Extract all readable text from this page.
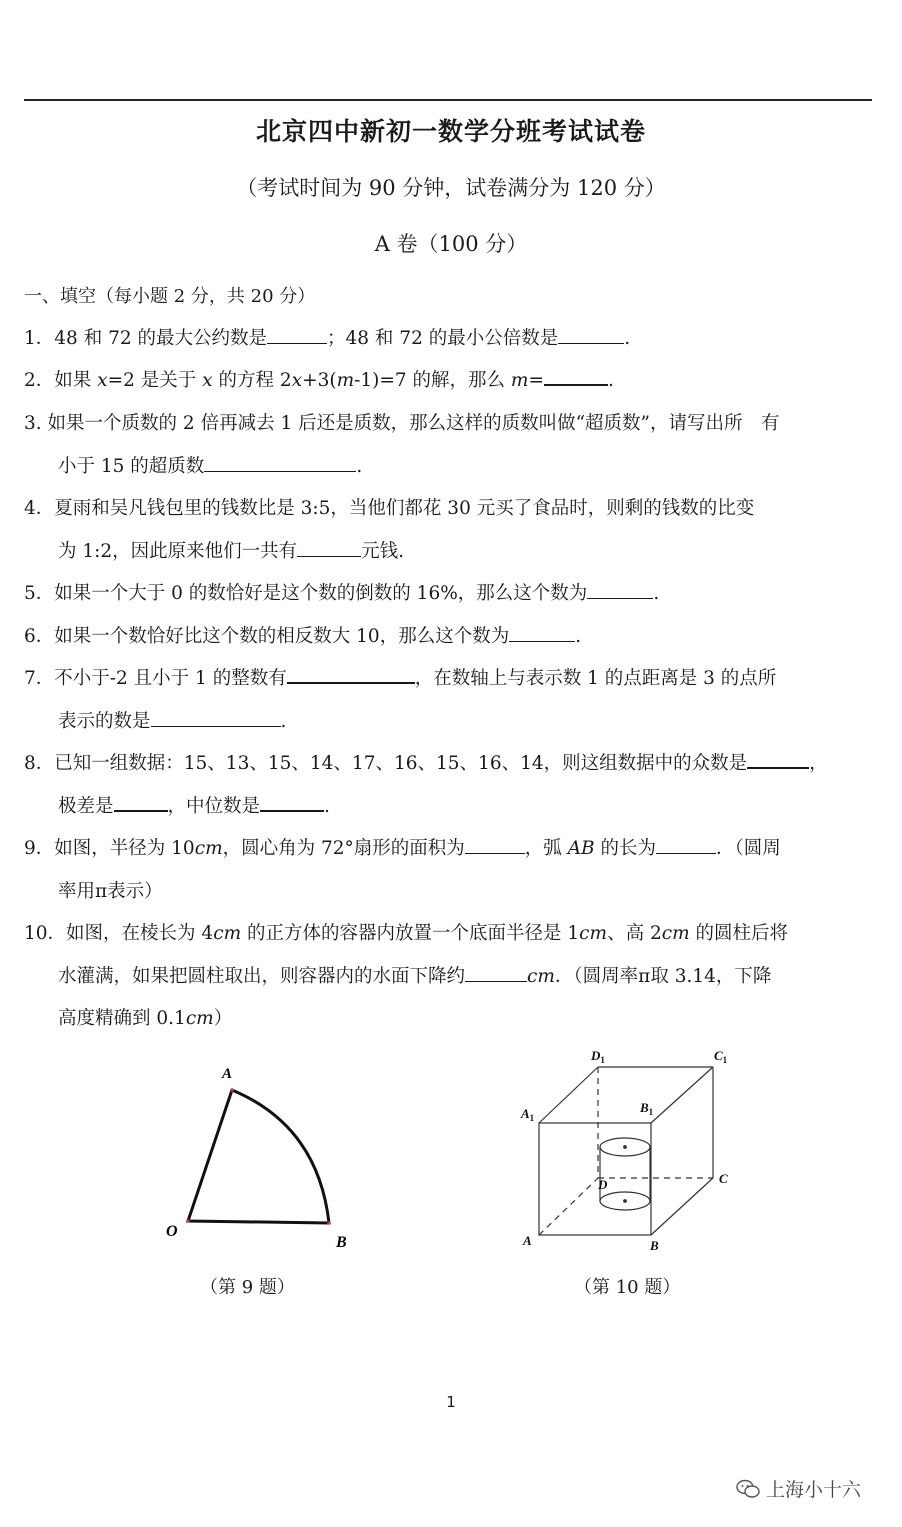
北京四中新初一数学分班考试试卷
（考试时间为 90 分钟，试卷满分为 120 分）
A 卷（100 分）
一、填空（每小题 2 分，共 20 分）
1．48 和 72 的最大公约数是	；48 和 72 的最小公倍数是	.
2．如果 x=2 是关于 x 的方程 2x+3(m-1)=7 的解，那么 m=	.
3. 如果一个质数的 2 倍再减去 1 后还是质数，那么这样的质数叫做“超质数”，请写出所　有
小于 15 的超质数	.
4．夏雨和吴凡钱包里的钱数比是 3:5，当他们都花 30 元买了食品时，则剩的钱数的比变
为 1:2，因此原来他们一共有	元钱.
5．如果一个大于 0 的数恰好是这个数的倒数的 16%，那么这个数为	.
6．如果一个数恰好比这个数的相反数大 10，那么这个数为	.
7．不小于-2 且小于 1 的整数有	，在数轴上与表示数 1 的点距离是 3 的点所
表示的数是	.
8．已知一组数据：15、13、15、14、17、16、15、16、14，则这组数据中的众数是	，
极差是	，中位数是	.
9．如图，半径为 10cm，圆心角为 72°扇形的面积为	，弧 AB 的长为	．（圆周
率用π表示）
10．如图，在棱长为 4cm 的正方体的容器内放置一个底面半径是 1cm、高 2cm 的圆柱后将
水灌满，如果把圆柱取出，则容器内的水面下降约	cm．（圆周率π取 3.14，下降
高度精确到 0.1cm）
A
O
B
$D_1$	$C_1$
$A_1$
$B_1$
D	C
A	B
（第 9 题）	（第 10 题）
1
上海小十六
